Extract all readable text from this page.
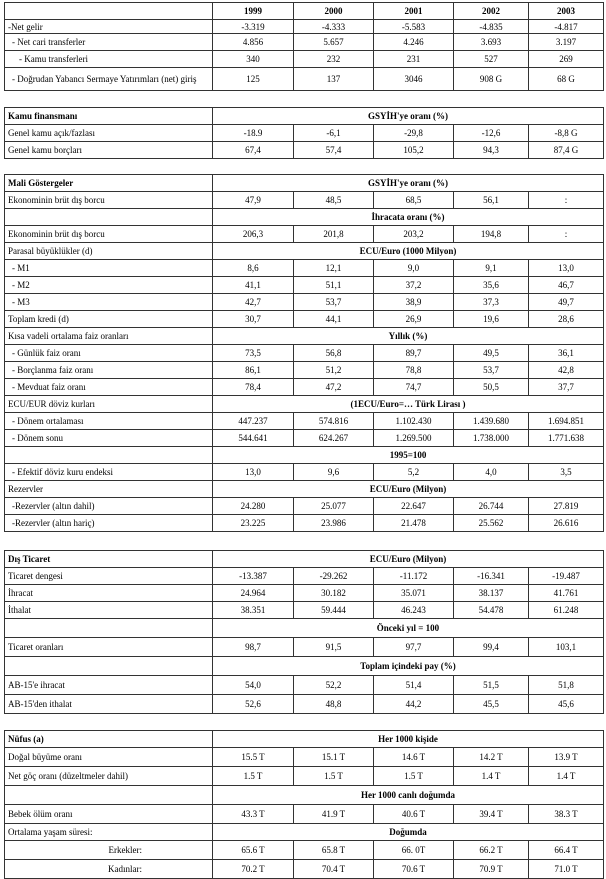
	1999	2000	2001	2002	2003
-Net gelir	-3.319	-4.333	-5.583	-4.835	-4.817
- Net cari transferler	4.856	5.657	4.246	3.693	3.197
- Kamu transferleri	340	232	231	527	269
- Doğrudan Yabancı Sermaye Yatırımları (net) giriş	125	137	3046	908 G	68 G
Kamu finansmanı	GSYİH'ye oranı (%)				
Genel kamu açık/fazlası	-18.9	-6,1	-29,8	-12,6	-8,8 G
Genel kamu borçları	67,4	57,4	105,2	94,3	87,4 G
Mali Göstergeler	GSYİH'ye oranı (%)				
Ekonominin brüt dış borcu	47,9	48,5	68,5	56,1	:
	İhracata oranı (%)				
Ekonominin brüt dış borcu	206,3	201,8	203,2	194,8	:
Parasal büyüklükler (d)	ECU/Euro (1000 Milyon)				
- M1	8,6	12,1	9,0	9,1	13,0
- M2	41,1	51,1	37,2	35,6	46,7
- M3	42,7	53,7	38,9	37,3	49,7
Toplam kredi (d)	30,7	44,1	26,9	19,6	28,6
Kısa vadeli ortalama faiz oranları	Yıllık (%)				
- Günlük faiz oranı	73,5	56,8	89,7	49,5	36,1
- Borçlanma faiz oranı	86,1	51,2	78,8	53,7	42,8
- Mevduat faiz oranı	78,4	47,2	74,7	50,5	37,7
ECU/EUR döviz kurları	(1ECU/Euro=… Türk Lirası )				
- Dönem ortalaması	447.237	574.816	1.102.430	1.439.680	1.694.851
- Dönem sonu	544.641	624.267	1.269.500	1.738.000	1.771.638
	1995=100				
- Efektif döviz kuru endeksi	13,0	9,6	5,2	4,0	3,5
Rezervler	ECU/Euro (Milyon)				
-Rezervler (altın dahil)	24.280	25.077	22.647	26.744	27.819
-Rezervler (altın hariç)	23.225	23.986	21.478	25.562	26.616
Dış Ticaret	ECU/Euro (Milyon)				
Ticaret dengesi	-13.387	-29.262	-11.172	-16.341	-19.487
İhracat	24.964	30.182	35.071	38.137	41.761
İthalat	38.351	59.444	46.243	54.478	61.248
	Önceki yıl = 100				
Ticaret oranları	98,7	91,5	97,7	99,4	103,1
	Toplam içindeki pay (%)				
AB-15'e ihracat	54,0	52,2	51,4	51,5	51,8
AB-15'den ithalat	52,6	48,8	44,2	45,5	45,6
Nüfus (a)	Her 1000 kişide				
Doğal büyüme oranı	15.5 T	15.1 T	14.6 T	14.2 T	13.9 T
Net göç oranı (düzeltmeler dahil)	1.5 T	1.5 T	1.5 T	1.4 T	1.4 T
	Her 1000 canlı doğumda				
Bebek ölüm oranı	43.3 T	41.9 T	40.6 T	39.4 T	38.3 T
Ortalama yaşam süresi:	Doğumda				
Erkekler:	65.6 T	65.8 T	66. 0T	66.2 T	66.4 T
Kadınlar:	70.2 T	70.4 T	70.6 T	70.9 T	71.0 T
